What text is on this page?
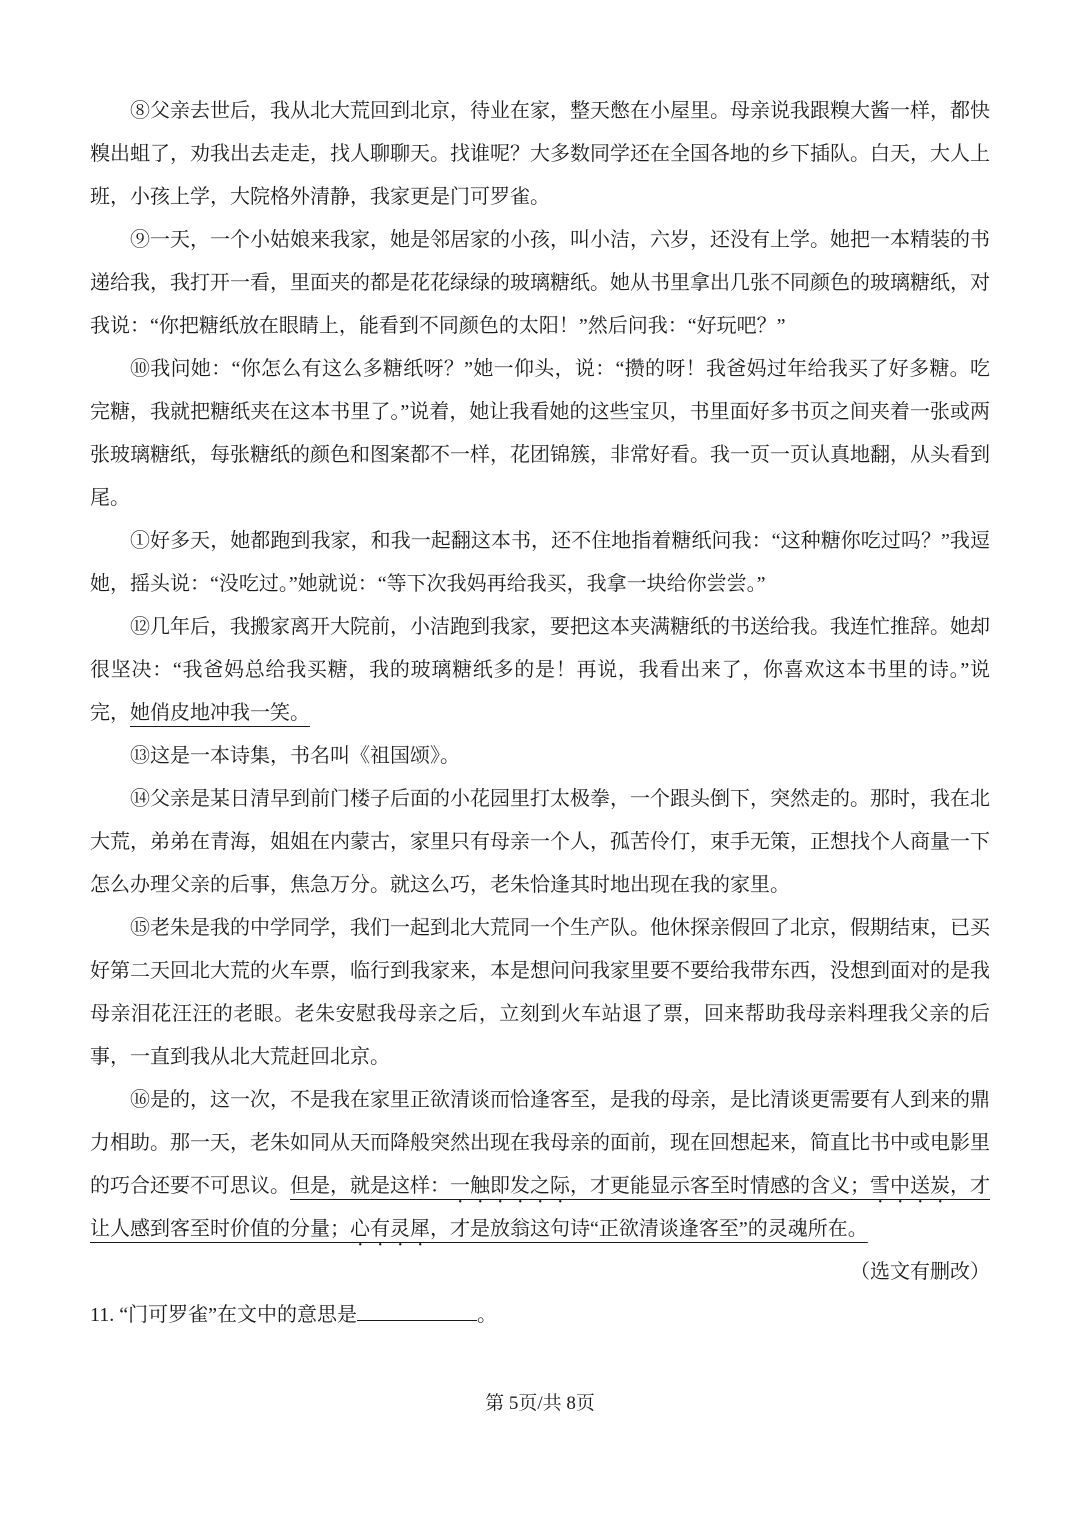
⑧父亲去世后，我从北大荒回到北京，待业在家，整天憋在小屋里。母亲说我跟糗大酱一样，都快糗出蛆了，劝我出去走走，找人聊聊天。找谁呢？大多数同学还在全国各地的乡下插队。白天，大人上班，小孩上学，大院格外清静，我家更是门可罗雀。

⑨一天，一个小姑娘来我家，她是邻居家的小孩，叫小洁，六岁，还没有上学。她把一本精装的书递给我，我打开一看，里面夹的都是花花绿绿的玻璃糖纸。她从书里拿出几张不同颜色的玻璃糖纸，对我说：“你把糖纸放在眼睛上，能看到不同颜色的太阳！”然后问我：“好玩吧？”

⑩我问她：“你怎么有这么多糖纸呀？”她一仰头，说：“攒的呀！我爸妈过年给我买了好多糖。吃完糖，我就把糖纸夹在这本书里了。”说着，她让我看她的这些宝贝，书里面好多书页之间夹着一张或两张玻璃糖纸，每张糖纸的颜色和图案都不一样，花团锦簇，非常好看。我一页一页认真地翻，从头看到尾。

①好多天，她都跑到我家，和我一起翻这本书，还不住地指着糖纸问我：“这种糖你吃过吗？”我逗她，摇头说：“没吃过。”她就说：“等下次我妈再给我买，我拿一块给你尝尝。”

⑫几年后，我搬家离开大院前，小洁跑到我家，要把这本夹满糖纸的书送给我。我连忙推辞。她却很坚决：“我爸妈总给我买糖，我的玻璃糖纸多的是！再说，我看出来了，你喜欢这本书里的诗。”说完，她俏皮地冲我一笑。

⑬这是一本诗集，书名叫《祖国颂》。

⑭父亲是某日清早到前门楼子后面的小花园里打太极拳，一个跟头倒下，突然走的。那时，我在北大荒，弟弟在青海，姐姐在内蒙古，家里只有母亲一个人，孤苦伶仃，束手无策，正想找个人商量一下怎么办理父亲的后事，焦急万分。就这么巧，老朱恰逢其时地出现在我的家里。

⑮老朱是我的中学同学，我们一起到北大荒同一个生产队。他休探亲假回了北京，假期结束，已买好第二天回北大荒的火车票，临行到我家来，本是想问问我家里要不要给我带东西，没想到面对的是我母亲泪花汪汪的老眼。老朱安慰我母亲之后，立刻到火车站退了票，回来帮助我母亲料理我父亲的后事，一直到我从北大荒赶回北京。

⑯是的，这一次，不是我在家里正欲清谈而恰逢客至，是我的母亲，是比清谈更需要有人到来的鼎力相助。那一天，老朱如同从天而降般突然出现在我母亲的面前，现在回想起来，简直比书中或电影里的巧合还要不可思议。但是，就是这样：一触即发之际，才更能显示客至时情感的含义；雪中送炭，才让人感到客至时价值的分量；心有灵犀，才是放翁这句诗“正欲清谈逢客至”的灵魂所在。

（选文有删改）

11. “门可罗雀”在文中的意思是	。

第 5页/共 8页
